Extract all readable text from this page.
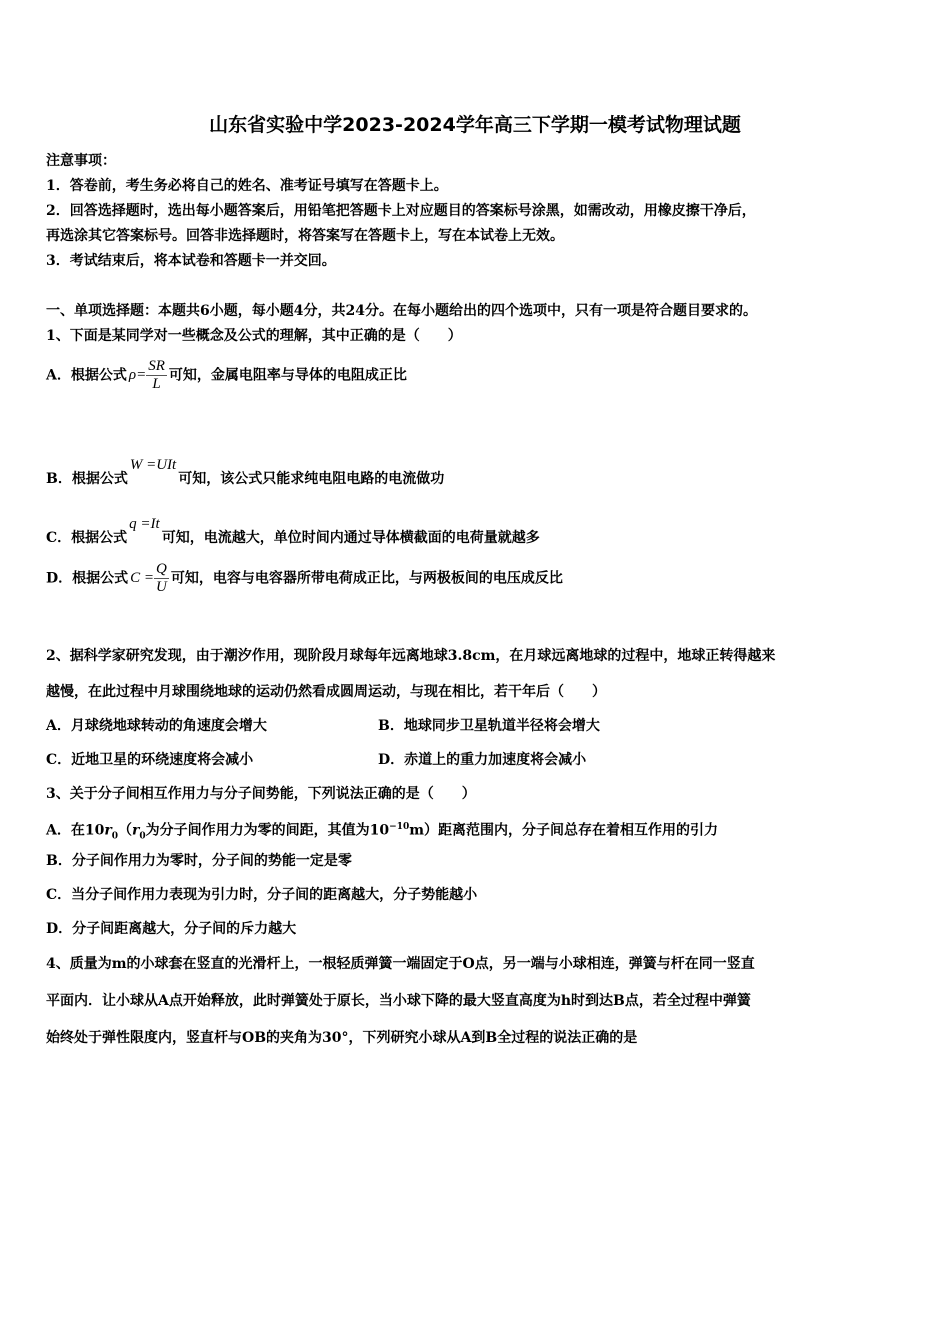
山东省实验中学2023-2024学年高三下学期一模考试物理试题
注意事项：
1．答卷前，考生务必将自己的姓名、准考证号填写在答题卡上。
2．回答选择题时，选出每小题答案后，用铅笔把答题卡上对应题目的答案标号涂黑，如需改动，用橡皮擦干净后，
再选涂其它答案标号。回答非选择题时，将答案写在答题卡上，写在本试卷上无效。
3．考试结束后，将本试卷和答题卡一并交回。
一、单项选择题：本题共6小题，每小题4分，共24分。在每小题给出的四个选项中，只有一项是符合题目要求的。
1、下面是某同学对一些概念及公式的理解，其中正确的是（　　）
A．根据公式 $\rho= \frac{SR}{L}$ 可知，金属电阻率与导体的电阻成正比
B．根据公式W =UIt可知，该公式只能求纯电阻电路的电流做功
C．根据公式q =It可知，电流越大，单位时间内通过导体横截面的电荷量就越多
D．根据公式 $C = \frac{Q}{U}$ 可知，电容与电容器所带电荷成正比，与两极板间的电压成反比
2、据科学家研究发现，由于潮汐作用，现阶段月球每年远离地球3.8cm，在月球远离地球的过程中，地球正转得越来
越慢，在此过程中月球围绕地球的运动仍然看成圆周运动，与现在相比，若干年后（　　）
A．月球绕地球转动的角速度会增大	B．地球同步卫星轨道半径将会增大
C．近地卫星的环绕速度将会减小	D．赤道上的重力加速度将会减小
3、关于分子间相互作用力与分子间势能，下列说法正确的是（　　）
A．在$10r_0(r_0$为分子间作用力为零的间距，其值为$10^{-10}m$）距离范围内，分子间总存在着相互作用的引力
B．分子间作用力为零时，分子间的势能一定是零
C．当分子间作用力表现为引力时，分子间的距离越大，分子势能越小
D．分子间距离越大，分子间的斥力越大
4、质量为m的小球套在竖直的光滑杆上，一根轻质弹簧一端固定于O点，另一端与小球相连，弹簧与杆在同一竖直
平面内．让小球从A点开始释放，此时弹簧处于原长，当小球下降的最大竖直高度为h时到达B点，若全过程中弹簧
始终处于弹性限度内，竖直杆与OB的夹角为30°，下列研究小球从A到B全过程的说法正确的是
